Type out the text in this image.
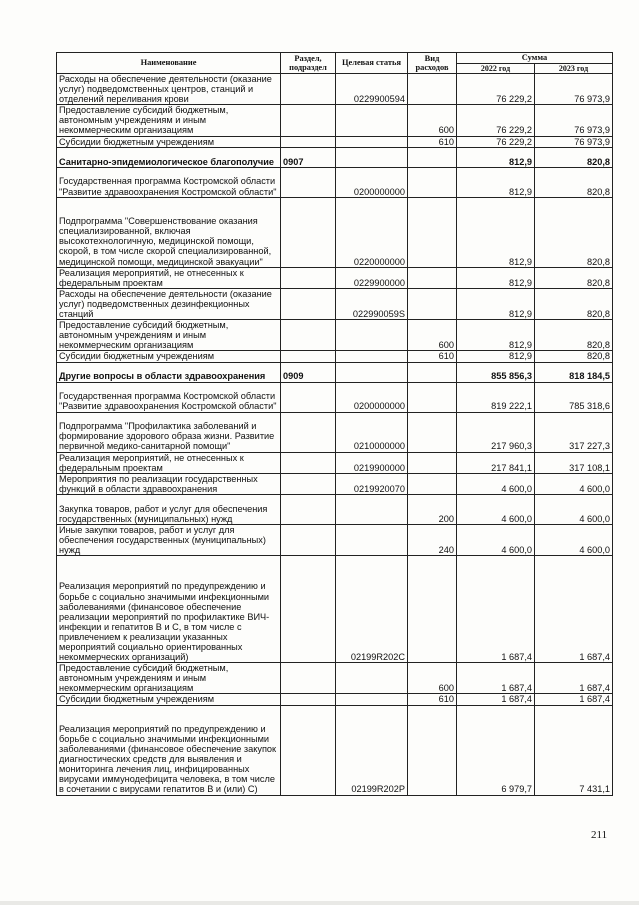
Наименование	Раздел, подраздел	Целевая статья	Вид расходов	Сумма	
				2022 год	2023 год
Расходы на обеспечение деятельности (оказание услуг) подведомственных центров, станций и отделений переливания крови		0229900594		76 229,2	76 973,9
Предоставление субсидий бюджетным, автономным учреждениям и иным некоммерческим организациям			600	76 229,2	76 973,9
Субсидии бюджетным учреждениям			610	76 229,2	76 973,9
Санитарно-эпидемиологическое благополучие	0907			812,9	820,8
Государственная программа Костромской области "Развитие здравоохранения Костромской области"		0200000000		812,9	820,8
Подпрограмма "Совершенствование оказания специализированной, включая высокотехнологичную, медицинской помощи, скорой, в том числе скорой специализированной, медицинской помощи, медицинской эвакуации"		0220000000		812,9	820,8
Реализация мероприятий, не отнесенных к федеральным проектам		0229900000		812,9	820,8
Расходы на обеспечение деятельности (оказание услуг) подведомственных дезинфекционных станций		022990059S		812,9	820,8
Предоставление субсидий бюджетным, автономным учреждениям и иным некоммерческим организациям			600	812,9	820,8
Субсидии бюджетным учреждениям			610	812,9	820,8
Другие вопросы в области здравоохранения	0909			855 856,3	818 184,5
Государственная программа Костромской области "Развитие здравоохранения Костромской области"		0200000000		819 222,1	785 318,6
Подпрограмма "Профилактика заболеваний и формирование здорового образа жизни. Развитие первичной медико-санитарной помощи"		0210000000		217 960,3	317 227,3
Реализация мероприятий, не отнесенных к федеральным проектам		0219900000		217 841,1	317 108,1
Мероприятия по реализации государственных функций в области здравоохранения		0219920070		4 600,0	4 600,0
Закупка товаров, работ и услуг для обеспечения государственных (муниципальных) нужд			200	4 600,0	4 600,0
Иные закупки товаров, работ и услуг для обеспечения государственных (муниципальных) нужд			240	4 600,0	4 600,0
Реализация мероприятий по предупреждению и борьбе с социально значимыми инфекционными заболеваниями (финансовое обеспечение реализации мероприятий по профилактике ВИЧ- инфекции и гепатитов В и С, в том числе с привлечением к реализации указанных мероприятий социально ориентированных некоммерческих организаций)		02199R202C		1 687,4	1 687,4
Предоставление субсидий бюджетным, автономным учреждениям и иным некоммерческим организациям			600	1 687,4	1 687,4
Субсидии бюджетным учреждениям			610	1 687,4	1 687,4
Реализация мероприятий по предупреждению и борьбе с социально значимыми инфекционными заболеваниями (финансовое обеспечение закупок диагностических средств для выявления и мониторинга лечения лиц, инфицированных вирусами иммунодефицита человека, в том числе в сочетании с вирусами гепатитов В и (или) С)		02199R202P		6 979,7	7 431,1
211
